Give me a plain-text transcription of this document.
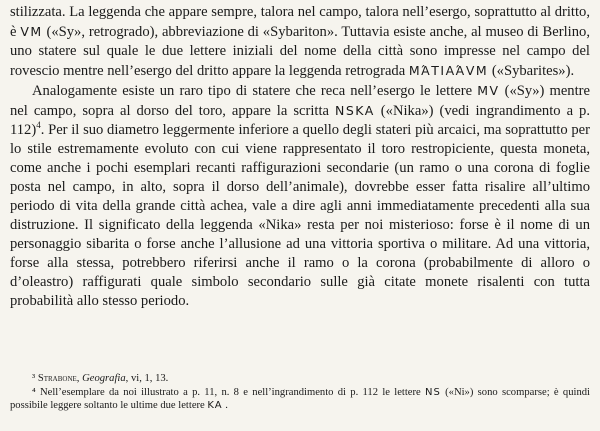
stilizzata. La leggenda che appare sempre, talora nel campo, talora nell’esergo, soprattutto al dritto, è VM («Sy», retrogrado), abbreviazione di «Sybariton». Tuttavia esiste anche, al museo di Berlino, uno statere sul quale le due lettere iniziali del nome della città sono impresse nel campo del rovescio mentre nell’esergo del dritto appare la leggenda retrograda ΜΆΤΙΑΆVΜ («Sybarites»).

Analogamente esiste un raro tipo di statere che reca nell’esergo le lettere MV («Sy») mentre nel campo, sopra al dorso del toro, appare la scritta NSKA («Nika») (vedi ingrandimento a p. 112)$^4$. Per il suo diametro leggermente inferiore a quello degli stateri più arcaici, ma soprattutto per lo stile estremamente evoluto con cui viene rappresentato il toro restropiciente, questa moneta, come anche i pochi esemplari recanti raffigurazioni secondarie (un ramo o una corona di foglie posta nel campo, in alto, sopra il dorso dell’animale), dovrebbe esser fatta risalire all’ultimo periodo di vita della grande città achea, vale a dire agli anni immediatamente precedenti alla sua distruzione. Il significato della leggenda «Nika» resta per noi misterioso: forse è il nome di un personaggio sibarita o forse anche l’allusione ad una vittoria sportiva o militare. Ad una vittoria, forse alla stessa, potrebbero riferirsi anche il ramo o la corona (probabilmente di alloro o d’oleastro) raffigurati quale simbolo secondario sulle già citate monete risalenti con tutta probabilità allo stesso periodo.

³ Strabone, Geografia, vi, 1, 13.

⁴ Nell’esemplare da noi illustrato a p. 11, n. 8 e nell’ingrandimento di p. 112 le lettere NS («Ni») sono scomparse; è quindi possibile leggere soltanto le ultime due lettere KA .
